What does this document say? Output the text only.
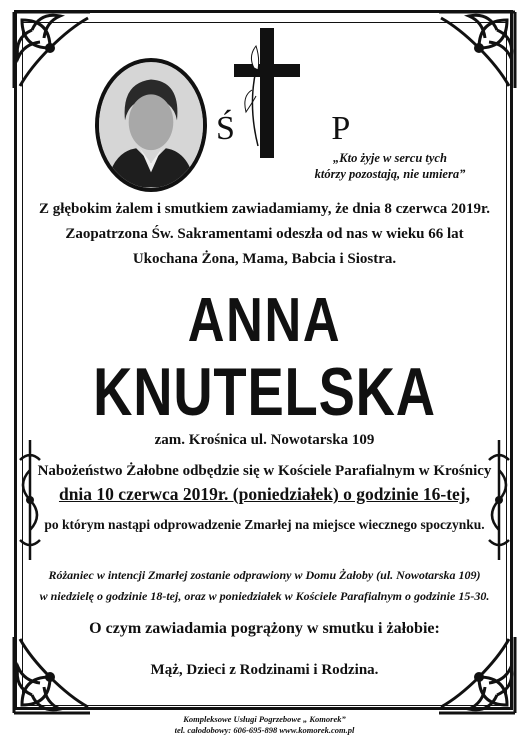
Ś P
„Kto żyje w sercu tych
którzy pozostają, nie umiera”
Z głębokim żalem i smutkiem zawiadamiamy, że dnia 8 czerwca 2019r.
Zaopatrzona Św. Sakramentami odeszła od nas w wieku 66 lat
Ukochana Żona, Mama, Babcia i Siostra.
ANNA
KNUTELSKA
zam. Krośnica ul. Nowotarska 109
Nabożeństwo Żałobne odbędzie się w Kościele Parafialnym w Krośnicy
dnia 10 czerwca 2019r. (poniedziałek) o godzinie 16-tej,
po którym nastąpi odprowadzenie Zmarłej na miejsce wiecznego spoczynku.
Różaniec w intencji Zmarłej zostanie odprawiony w Domu Żałoby (ul. Nowotarska 109)
w niedzielę o godzinie 18-tej, oraz w poniedziałek w Kościele Parafialnym o godzinie 15-30.
O czym zawiadamia pogrążony w smutku i żałobie:
Mąż, Dzieci z Rodzinami i Rodzina.
Kompleksowe Usługi Pogrzebowe „ Komorek”
tel. całodobowy: 606-695-898 www.komorek.com.pl
